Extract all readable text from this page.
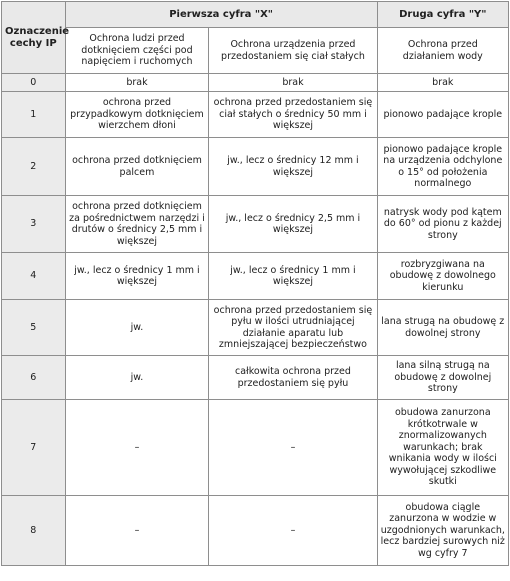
Oznaczenie cechy IP	Pierwsza cyfra "X"		Druga cyfra "Y"
	Ochrona ludzi przed dotknięciem części pod napięciem i ruchomych	Ochrona urządzenia przed przedostaniem się ciał stałych	Ochrona przed działaniem wody
0	brak	brak	brak
1	ochrona przed przypadkowym dotknięciem wierzchem dłoni	ochrona przed przedostaniem się ciał stałych o średnicy 50 mm i większej	pionowo padające krople
2	ochrona przed dotknięciem palcem	jw., lecz o średnicy 12 mm i większej	pionowo padające krople na urządzenia odchylone o 15° od położenia normalnego
3	ochrona przed dotknięciem za pośrednictwem narzędzi i drutów o średnicy 2,5 mm i większej	jw., lecz o średnicy 2,5 mm i większej	natrysk wody pod kątem do 60° od pionu z każdej strony
4	jw., lecz o średnicy 1 mm i większej	jw., lecz o średnicy 1 mm i większej	rozbryzgiwana na obudowę z dowolnego kierunku
5	jw.	ochrona przed przedostaniem się pyłu w ilości utrudniającej działanie aparatu lub zmniejszającej bezpieczeństwo	lana strugą na obudowę z dowolnej strony
6	jw.	całkowita ochrona przed przedostaniem się pyłu	lana silną strugą na obudowę z dowolnej strony
7	–	–	obudowa zanurzona krótkotrwale w znormalizowanych warunkach; brak wnikania wody w ilości wywołującej szkodliwe skutki
8	–	–	obudowa ciągle zanurzona w wodzie w uzgodnionych warunkach, lecz bardziej surowych niż wg cyfry 7
